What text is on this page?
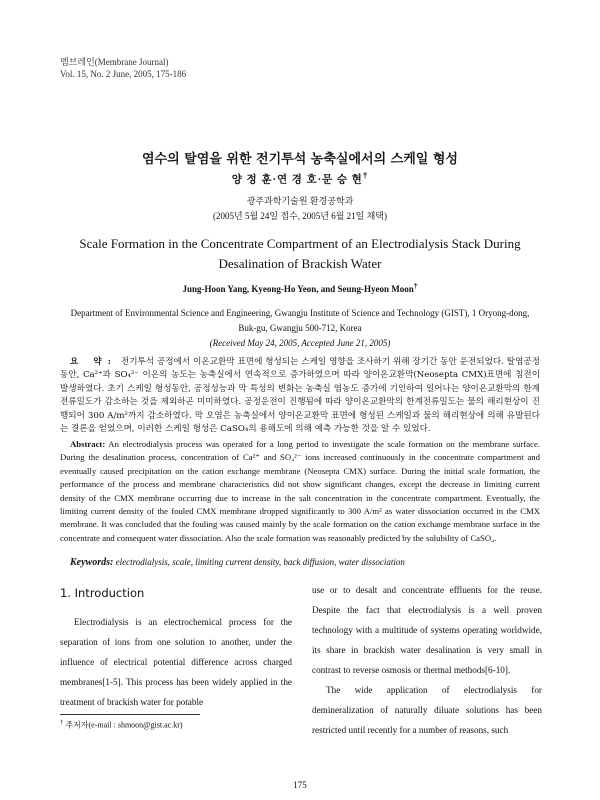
멤브레인(Membrane Journal)
Vol. 15, No. 2 June, 2005, 175-186
염수의 탈염을 위한 전기투석 농축실에서의 스케일 형성
양 정 훈·연 경 호·문 승 현†
광주과학기술원 환경공학과
(2005년 5월 24일 접수, 2005년 6월 21일 채택)
Scale Formation in the Concentrate Compartment of an Electrodialysis Stack During Desalination of Brackish Water
Jung-Hoon Yang, Kyeong-Ho Yeon, and Seung-Hyeon Moon†
Department of Environmental Science and Engineering, Gwangju Institute of Science and Technology (GIST), 1 Oryong-dong, Buk-gu, Gwangju 500-712, Korea
(Received May 24, 2005, Accepted June 21, 2005)
요 약: 전기투석 공정에서 이온교환막 표면에 형성되는 스케일 영향을 조사하기 위해 장기간 동안 운전되었다. 탈염공정 동안, Ca²⁺과 SO₄²⁻ 이온의 농도는 농축실에서 연속적으로 증가하였으며 따라 양이온교환막(Neosepta CMX)표면에 침전이 발생하였다. 초기 스케일 형성동안, 공정성능과 막 특성의 변화는 농축실 염농도 증가에 기인하여 일어나는 양이온교환막의 한계전류밀도가 감소하는 것을 제외하곤 미미하였다. 공정운전이 진행됨에 따라 양이온교환막의 한계전류밀도는 물의 해리현상이 진행되어 300 A/m²까지 감소하였다. 막 오염은 농축실에서 양이온교환막 표면에 형성된 스케일과 물의 해리현상에 의해 유발된다는 결론을 얻었으며, 이러한 스케일 형성은 CaSO₄의 용해도에 의해 예측 가능한 것을 알 수 있었다.
Abstract: An electrodialysis process was operated for a long period to investigate the scale formation on the membrane surface. During the desalination process, concentration of Ca²⁺ and SO₄²⁻ ions increased continuously in the concentrate compartment and eventually caused precipitation on the cation exchange membrane (Neosepta CMX) surface. During the initial scale formation, the performance of the process and membrane characteristics did not show significant changes, except the decrease in limiting current density of the CMX membrane occurring due to increase in the salt concentration in the concentrate compartment. Eventually, the limiting current density of the fouled CMX membrane dropped significantly to 300 A/m² as water dissociation occurred in the CMX membrane. It was concluded that the fouling was caused mainly by the scale formation on the cation exchange membrane surface in the concentrate and consequent water dissociation. Also the scale formation was reasonably predicted by the solubility of CaSO₄.
Keywords: electrodialysis, scale, limiting current density, back diffusion, water dissociation
1. Introduction

Electrodialysis is an electrochemical process for the separation of ions from one solution to another, under the influence of electrical potential difference across charged membranes[1-5]. This process has been widely applied in the treatment of brackish water for potable

use or to desalt and concentrate effluents for the reuse. Despite the fact that electrodialysis is a well proven technology with a multitude of systems operating worldwide, its share in brackish water desalination is very small in contrast to reverse osmosis or thermal methods[6-10].

The wide application of electrodialysis for demineralization of naturally diluate solutions has been restricted until recently for a number of reasons, such

† 주저자(e-mail : shmoon@gist.ac.kr)
175
